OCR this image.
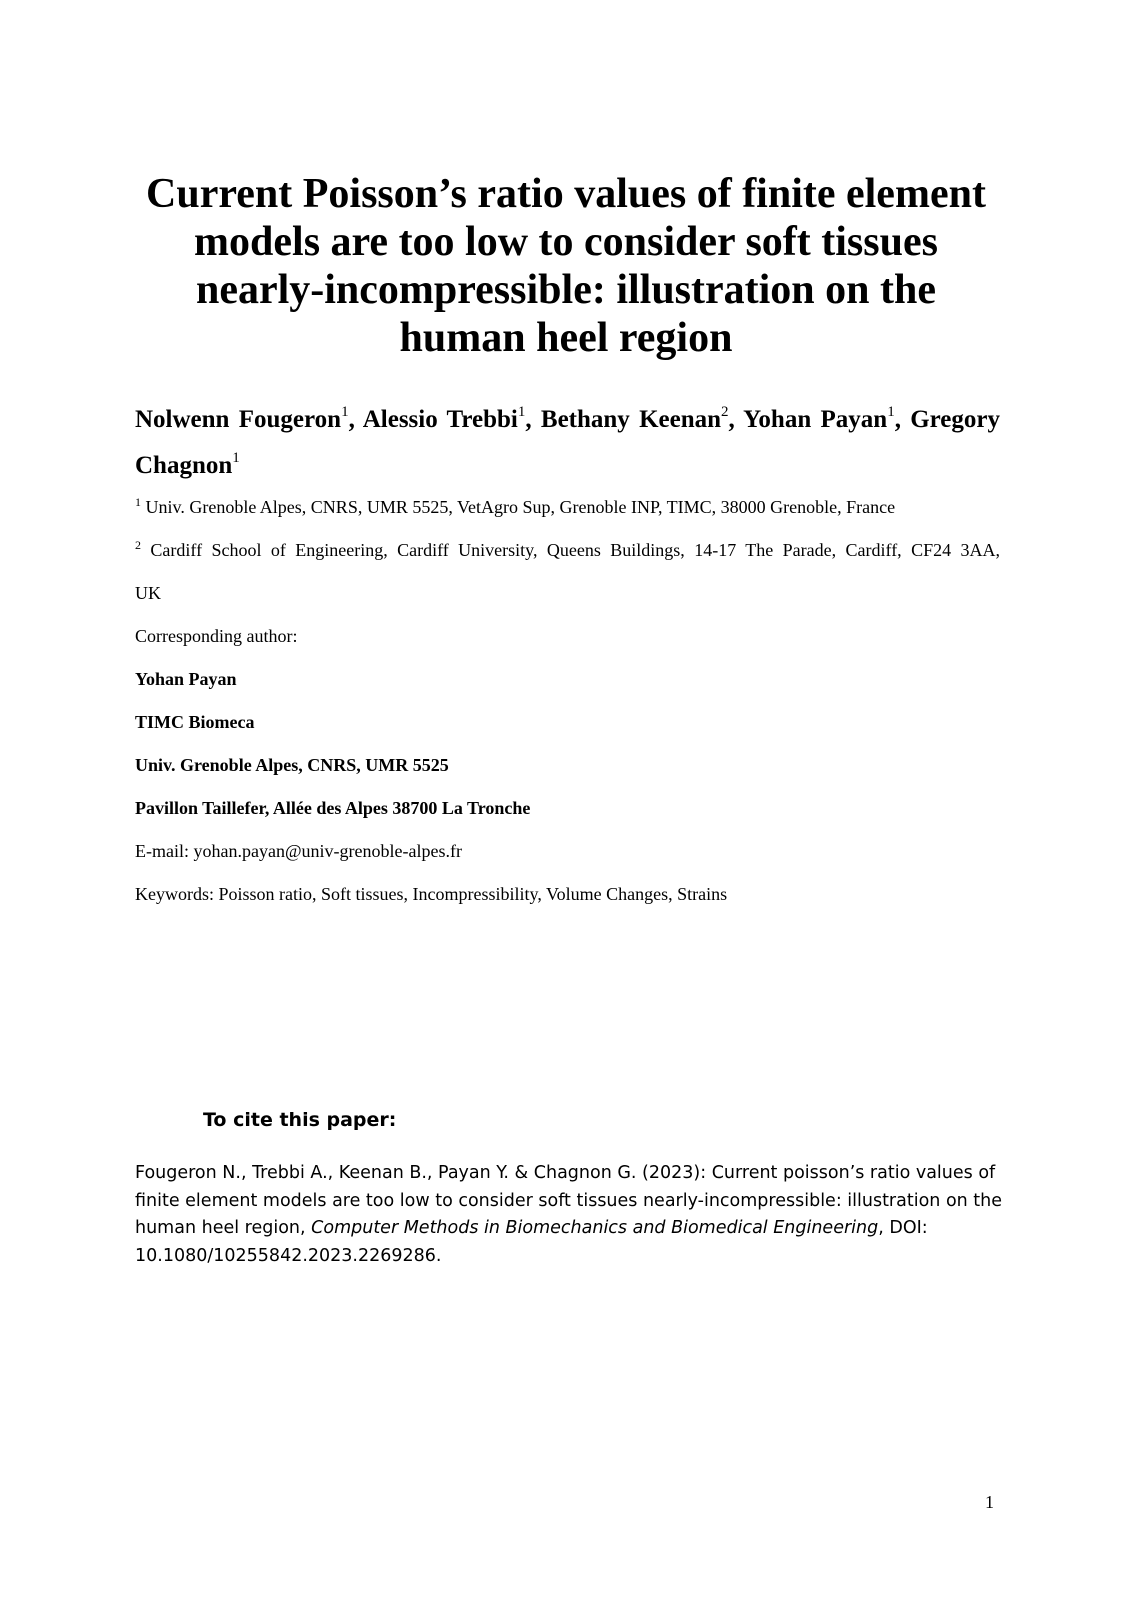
Current Poisson’s ratio values of finite element
models are too low to consider soft tissues
nearly-incompressible: illustration on the
human heel region

Nolwenn Fougeron$^1$, Alessio Trebbi$^1$, Bethany Keenan$^2$, Yohan Payan$^1$, Gregory Chagnon$^1$

$^1$ Univ. Grenoble Alpes, CNRS, UMR 5525, VetAgro Sup, Grenoble INP, TIMC, 38000 Grenoble, France

$^2$ Cardiff School of Engineering, Cardiff University, Queens Buildings, 14-17 The Parade, Cardiff, CF24 3AA,

UK

Corresponding author:

Yohan Payan

TIMC Biomeca

Univ. Grenoble Alpes, CNRS, UMR 5525

Pavillon Taillefer, Allée des Alpes 38700 La Tronche

E-mail: yohan.payan@univ-grenoble-alpes.fr

Keywords: Poisson ratio, Soft tissues, Incompressibility, Volume Changes, Strains

To cite this paper:

Fougeron N., Trebbi A., Keenan B., Payan Y. & Chagnon G. (2023): Current poisson’s ratio values of
finite element models are too low to consider soft tissues nearly-incompressible: illustration on the
human heel region, Computer Methods in Biomechanics and Biomedical Engineering, DOI:
10.1080/10255842.2023.2269286.

1
